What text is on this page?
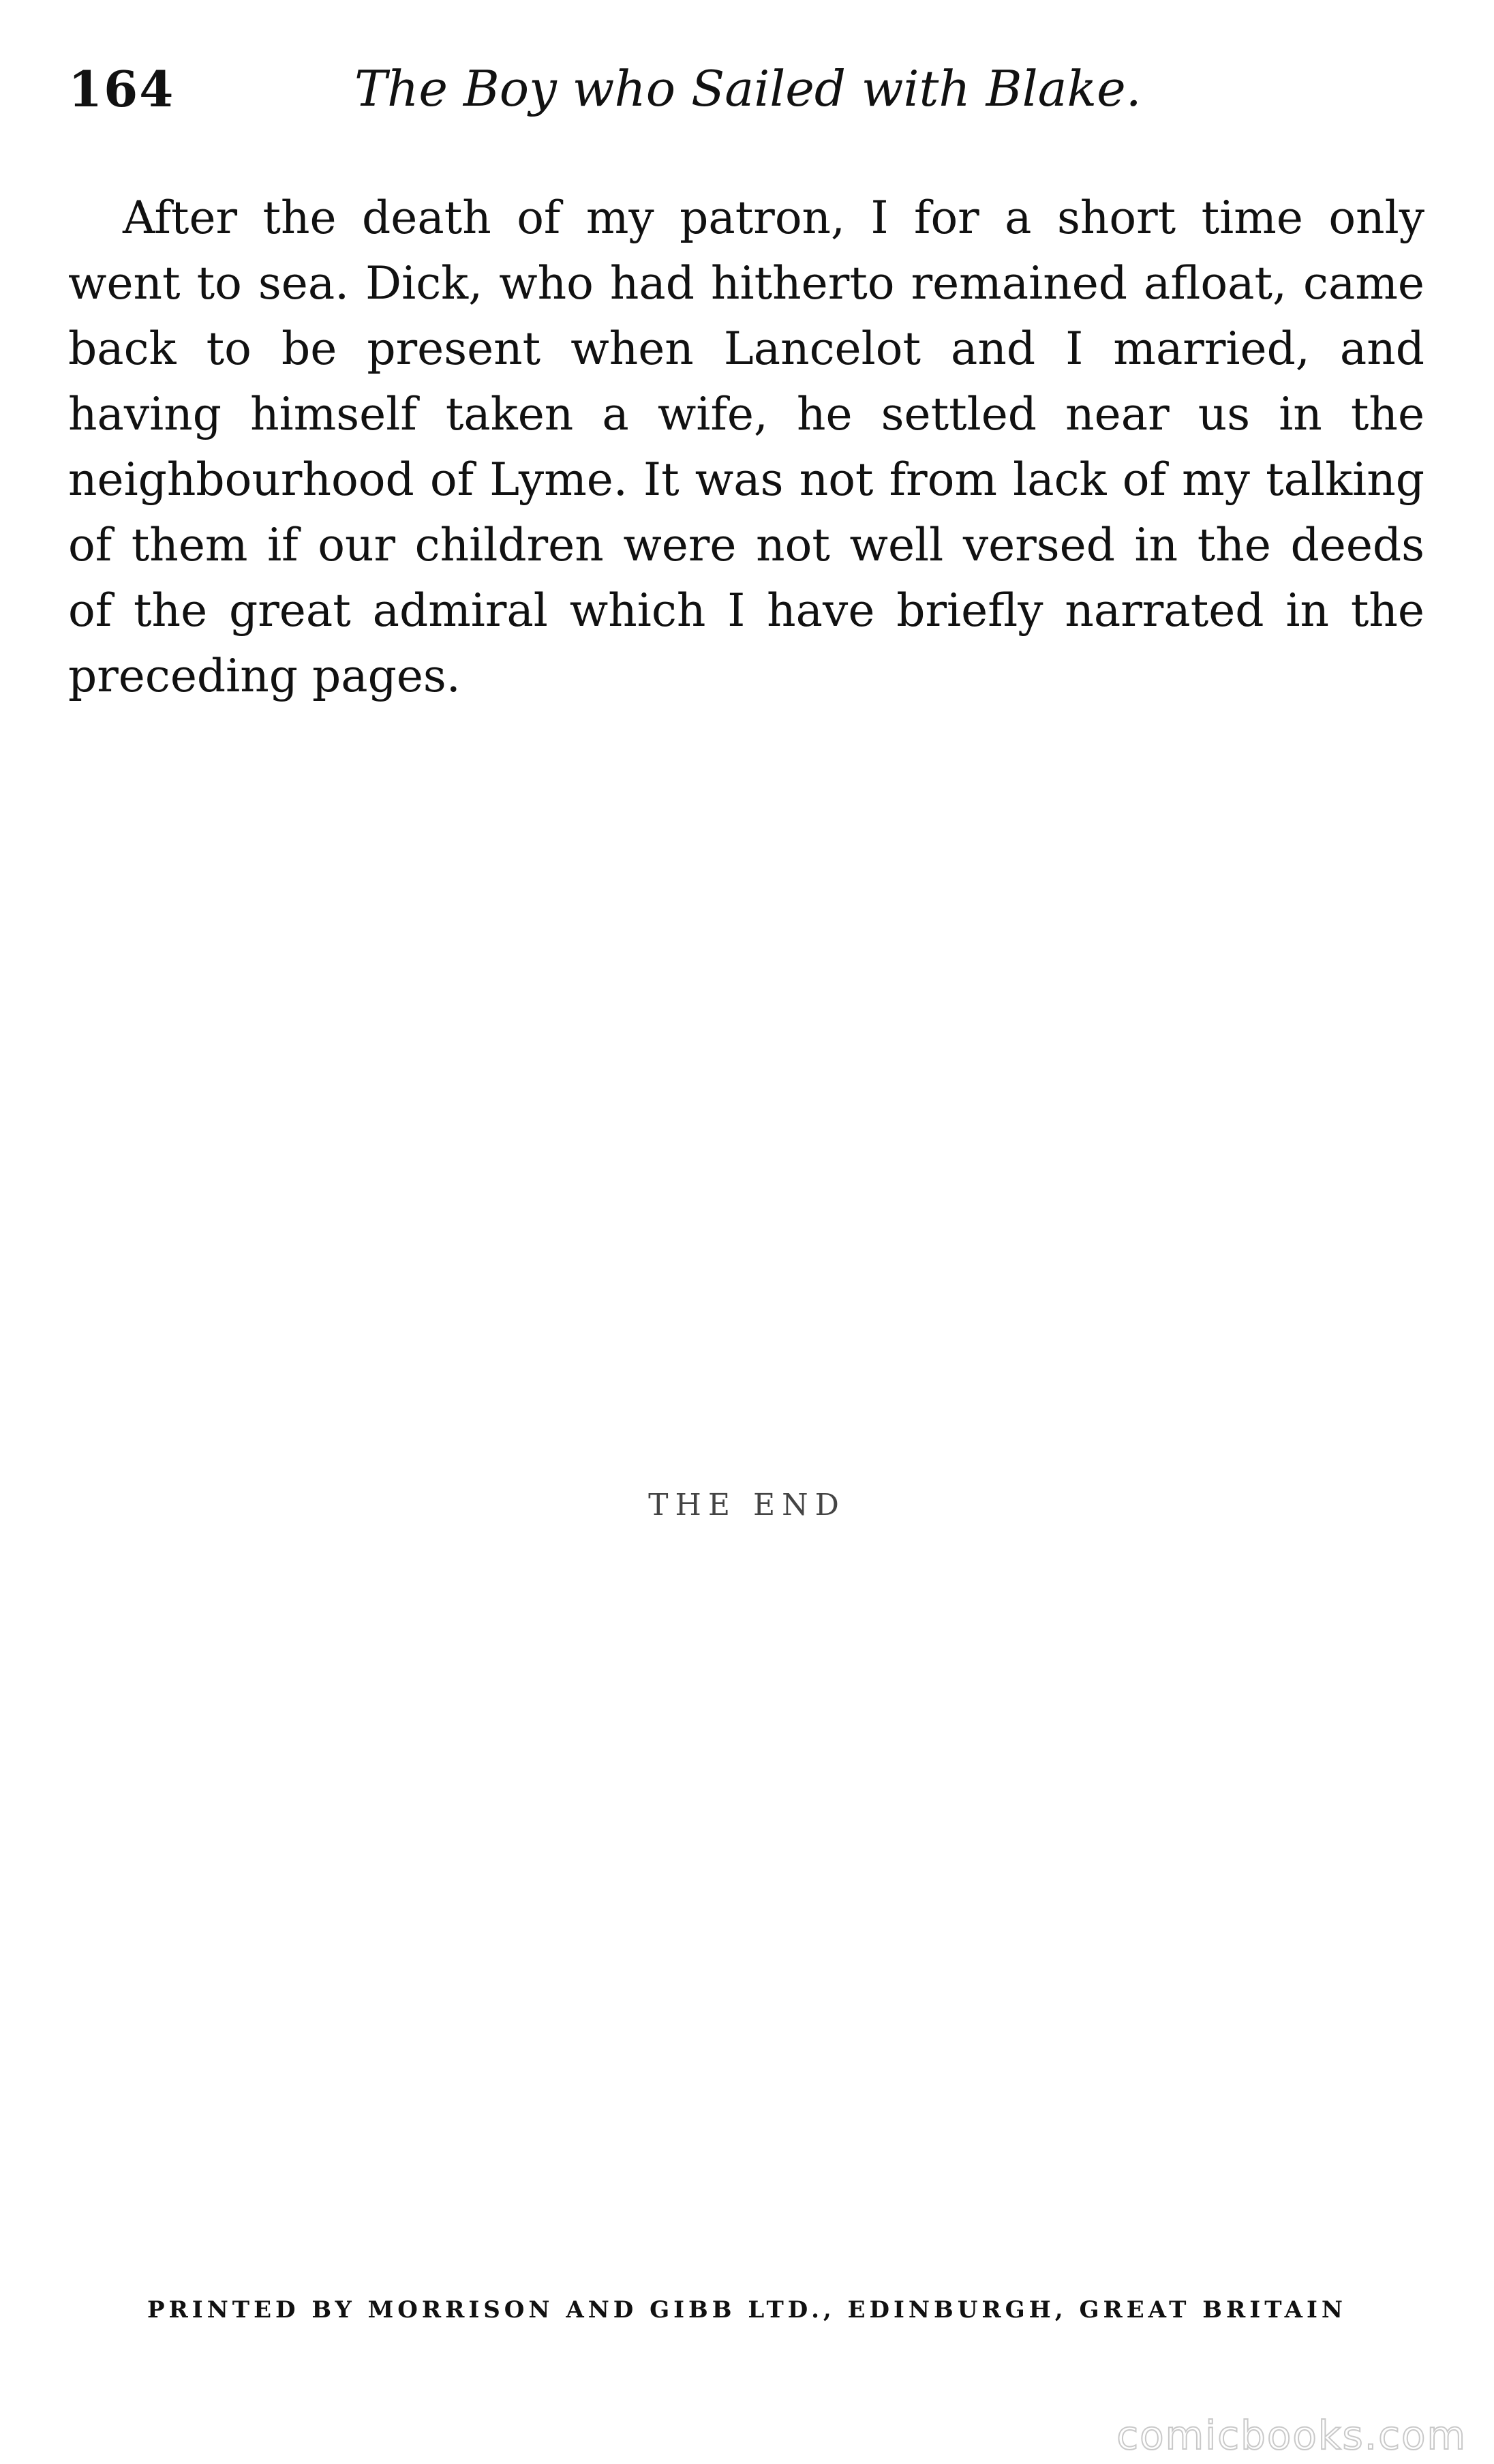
164	The Boy who Sailed with Blake.

After the death of my patron, I for a short time only went to sea. Dick, who had hitherto remained afloat, came back to be present when Lancelot and I married, and having himself taken a wife, he settled near us in the neighbourhood of Lyme. It was not from lack of my talking of them if our children were not well versed in the deeds of the great admiral which I have briefly narrated in the preceding pages.

THE END
PRINTED BY MORRISON AND GIBB LTD., EDINBURGH, GREAT BRITAIN
comicbooks.com
